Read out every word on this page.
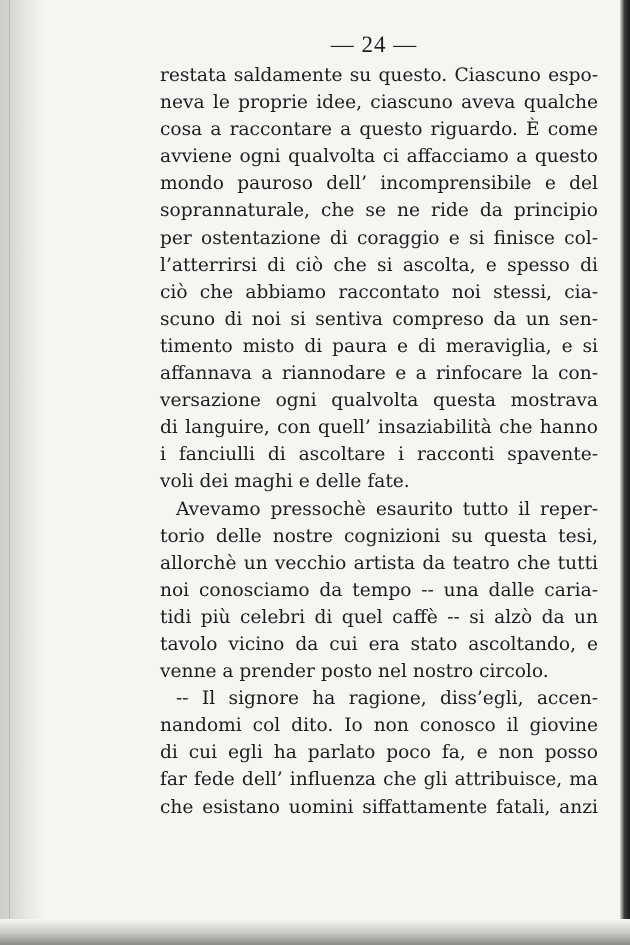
— 24 —
restata saldamente su questo. Ciascuno espo-
neva le proprie idee, ciascuno aveva qualche
cosa a raccontare a questo riguardo. È come
avviene ogni qualvolta ci affacciamo a questo
mondo pauroso dell’ incomprensibile e del
soprannaturale, che se ne ride da principio
per ostentazione di coraggio e si finisce col-
l’atterrirsi di ciò che si ascolta, e spesso di
ciò che abbiamo raccontato noi stessi, cia-
scuno di noi si sentiva compreso da un sen-
timento misto di paura e di meraviglia, e si
affannava a riannodare e a rinfocare la con-
versazione ogni qualvolta questa mostrava
di languire, con quell’ insaziabilità che hanno
i fanciulli di ascoltare i racconti spavente-
voli dei maghi e delle fate.
Avevamo pressochè esaurito tutto il reper-
torio delle nostre cognizioni su questa tesi,
allorchè un vecchio artista da teatro che tutti
noi conosciamo da tempo -- una dalle caria-
tidi più celebri di quel caffè -- si alzò da un
tavolo vicino da cui era stato ascoltando, e
venne a prender posto nel nostro circolo.
-- Il signore ha ragione, diss’egli, accen-
nandomi col dito. Io non conosco il giovine
di cui egli ha parlato poco fa, e non posso
far fede dell’ influenza che gli attribuisce, ma
che esistano uomini siffattamente fatali, anzi
